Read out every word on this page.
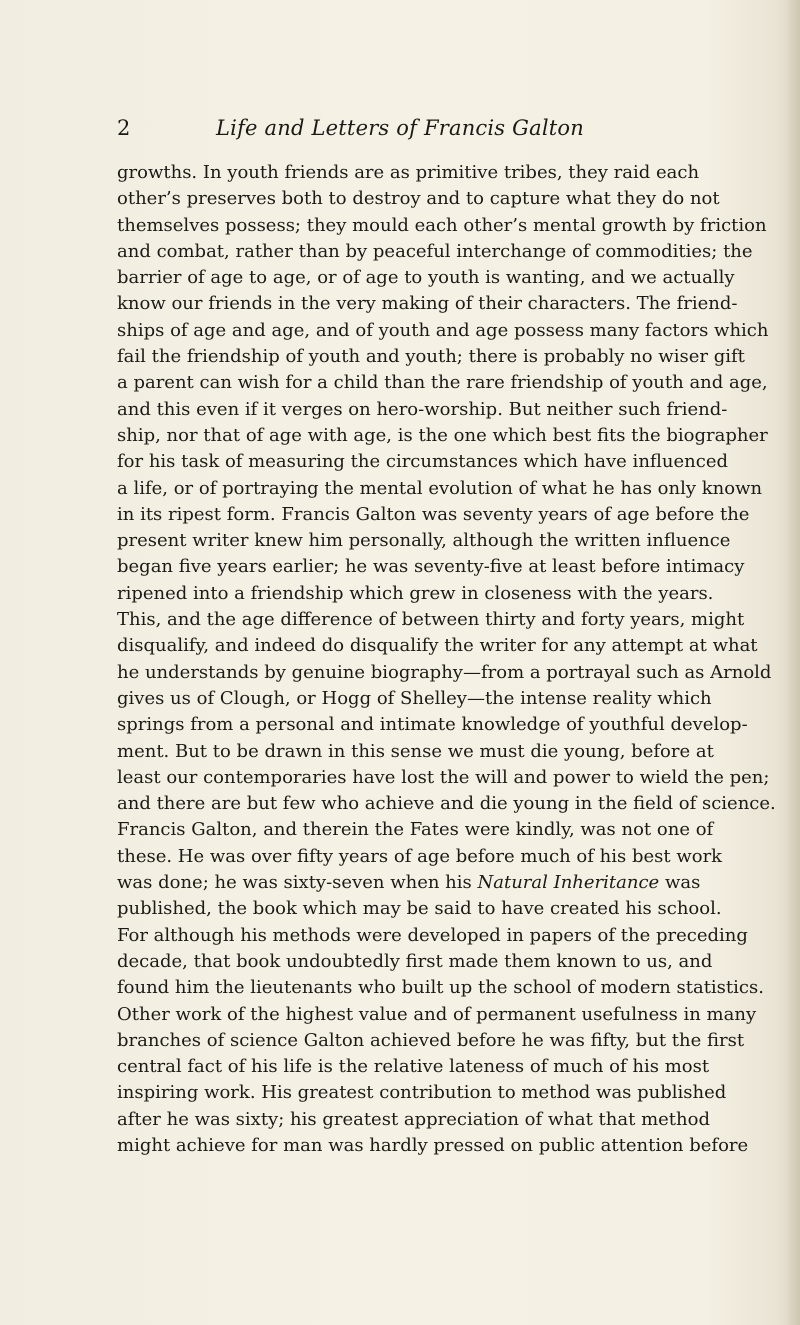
2	Life and Letters of Francis Galton
growths. In youth friends are as primitive tribes, they raid each
other’s preserves both to destroy and to capture what they do not
themselves possess; they mould each other’s mental growth by friction
and combat, rather than by peaceful interchange of commodities; the
barrier of age to age, or of age to youth is wanting, and we actually
know our friends in the very making of their characters. The friend-
ships of age and age, and of youth and age possess many factors which
fail the friendship of youth and youth; there is probably no wiser gift
a parent can wish for a child than the rare friendship of youth and age,
and this even if it verges on hero-worship. But neither such friend-
ship, nor that of age with age, is the one which best fits the biographer
for his task of measuring the circumstances which have influenced
a life, or of portraying the mental evolution of what he has only known
in its ripest form. Francis Galton was seventy years of age before the
present writer knew him personally, although the written influence
began five years earlier; he was seventy-five at least before intimacy
ripened into a friendship which grew in closeness with the years.
This, and the age difference of between thirty and forty years, might
disqualify, and indeed do disqualify the writer for any attempt at what
he understands by genuine biography—from a portrayal such as Arnold
gives us of Clough, or Hogg of Shelley—the intense reality which
springs from a personal and intimate knowledge of youthful develop-
ment. But to be drawn in this sense we must die young, before at
least our contemporaries have lost the will and power to wield the pen;
and there are but few who achieve and die young in the field of science.
Francis Galton, and therein the Fates were kindly, was not one of
these. He was over fifty years of age before much of his best work
was done; he was sixty-seven when his Natural Inheritance was
published, the book which may be said to have created his school.
For although his methods were developed in papers of the preceding
decade, that book undoubtedly first made them known to us, and
found him the lieutenants who built up the school of modern statistics.
Other work of the highest value and of permanent usefulness in many
branches of science Galton achieved before he was fifty, but the first
central fact of his life is the relative lateness of much of his most
inspiring work. His greatest contribution to method was published
after he was sixty; his greatest appreciation of what that method
might achieve for man was hardly pressed on public attention before
